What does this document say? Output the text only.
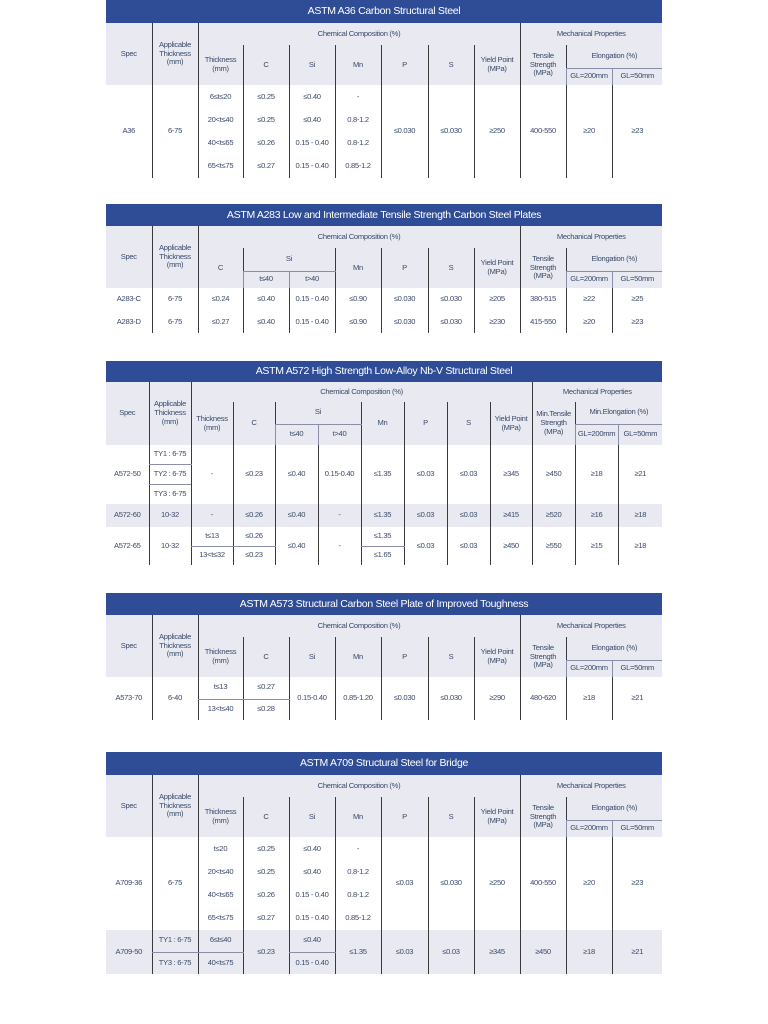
ASTM A36 Carbon Structural Steel
Spec	Applicable
Thickness
(mm)	Chemical Composition (%)							Mechanical Properties		
		Thickness
(mm)	C	Si	Mn	P	S	Yield Point
(MPa)	Tensile
Strength
(MPa)	Elongation (%)	
										GL=200mm	GL=50mm
A36	6-75	6≤t≤20	≤0.25	≤0.40	-	≤0.030	≤0.030	≥250	400-550	≥20	≥23
		20<t≤40	≤0.25	≤0.40	0.8-1.2						
		40<t≤65	≤0.26	0.15 - 0.40	0.8-1.2						
		65<t≤75	≤0.27	0.15 - 0.40	0.85-1.2						
ASTM A283 Low and Intermediate Tensile Strength Carbon Steel Plates
Spec	Applicable
Thickness
(mm)	Chemical Composition (%)							Mechanical Properties		
		C	Si		Mn	P	S	Yield Point
(MPa)	Tensile
Strength
(MPa)	Elongation (%)	
			t≤40	t>40						GL=200mm	GL=50mm
A283-C	6-75	≤0.24	≤0.40	0.15 - 0.40	≤0.90	≤0.030	≤0.030	≥205	380-515	≥22	≥25
A283-D	6-75	≤0.27	≤0.40	0.15 - 0.40	≤0.90	≤0.030	≤0.030	≥230	415-550	≥20	≥23
ASTM A572 High Strength Low-Alloy Nb-V Structural Steel
Spec	Applicable
Thickness
(mm)	Chemical Composition (%)								Mechanical Properties		
		Thickness
(mm)	C	Si		Mn	P	S	Yield Point
(MPa)	Min.Tensile
Strength
(MPa)	Min.Elongation (%)	
				t≤40	t>40						GL=200mm	GL=50mm
A572-50	TY1 : 6-75	-	≤0.23	≤0.40	0.15-0.40	≤1.35	≤0.03	≤0.03	≥345	≥450	≥18	≥21
	TY2 : 6-75											
	TY3 : 6-75											
A572-60	10-32	-	≤0.26	≤0.40	-	≤1.35	≤0.03	≤0.03	≥415	≥520	≥16	≥18
A572-65	10-32	t≤13	≤0.26	≤0.40	-	≤1.35	≤0.03	≤0.03	≥450	≥550	≥15	≥18
		13<t≤32	≤0.23			≤1.65						
ASTM A573 Structural Carbon Steel Plate of Improved Toughness
Spec	Applicable
Thickness
(mm)	Chemical Composition (%)							Mechanical Properties		
		Thickness
(mm)	C	Si	Mn	P	S	Yield Point
(MPa)	Tensile
Strength
(MPa)	Elongation (%)	
										GL=200mm	GL=50mm
A573-70	6-40	t≤13	≤0.27	0.15-0.40	0.85-1.20	≤0.030	≤0.030	≥290	480-620	≥18	≥21
		13<t≤40	≤0.28								
ASTM A709 Structural Steel for Bridge
Spec	Applicable
Thickness
(mm)	Chemical Composition (%)							Mechanical Properties		
		Thickness
(mm)	C	Si	Mn	P	S	Yield Point
(MPa)	Tensile
Strength
(MPa)	Elongation (%)	
										GL=200mm	GL=50mm
A709-36	6-75	t≤20	≤0.25	≤0.40	-	≤0.03	≤0.030	≥250	400-550	≥20	≥23
		20<t≤40	≤0.25	≤0.40	0.8-1.2						
		40<t≤65	≤0.26	0.15 - 0.40	0.8-1.2						
		65<t≤75	≤0.27	0.15 - 0.40	0.85-1.2						
A709-50	TY1 : 6-75	6≤t≤40	≤0.23	≤0.40	≤1.35	≤0.03	≤0.03	≥345	≥450	≥18	≥21
	TY3 : 6-75	40<t≤75		0.15 - 0.40							
